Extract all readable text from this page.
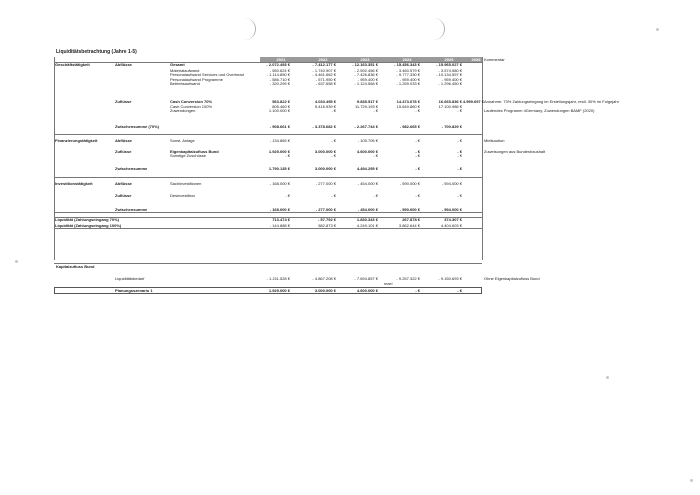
Liquiditätsbetrachtung (Jahre 1-5)
2021	2022	2023	2024	2025	2026 Kommentar
Geschäftstätigkeit	Abflüsse	Gesamt	- 2.072.493 €	- 7.412.177 €	- 12.163.351 €	- 15.456.343 €	- 15.965.027 €
Materialaufwand	- 550.624 €	- 1.740.907 €	- 2.592.456 €	- 3.460.579 €	- 3.574.580 €
Personalaufwand Services und Overhead	- 1.114.850 €	- 4.461.662 €	- 7.426.836 €	- 9.777.330 €	- 10.134.597 €
Personalaufwand Programme	- 586.710 €	- 571.950 €	- 959.400 €	- 959.400 €	- 959.400 €
Betriebsaufwand	- 320.299 €	- 637.658 €	- 1.124.568 €	- 1.259.033 €	- 1.296.450 €
Zuflüsse	Cash Conversion 70%	563.822 €	4.033.495 €	9.835.517 €	14.473.678 €	16.665.836 € 4.999.697 € Annahme: 70% Zahlungseingang im Erstellungsjahr, restl. 30% im Folgejahr
Cash Conversion 100%	805.460 €	5.416.939 €	11.729.193 €	15.649.860 €	17.100.986 €
Zuwendungen	1.100.000 €	- €	- €	- €	- €	Laufendes Programm 4Germany, Zuwendungen BAMF (2020)
Zwischensumme (70%)	- 908.661 €	- 3.378.682 €	- 2.267.744 €	- 982.665 €	- 700.829 €
Finanzierungstätigkeit	Abflüsse	Sonst. Anlage	- 134.865 €	- €	- 105.705 €	- €	- €	Mietkaution
Zuflüsse	Eigenkapitalzufluss Bund	1.925.000 €	3.000.000 €	4.600.000 €	- €	- €	Zuweisungen aus Bundeshaushalt
Sonstige Zuschüsse	- €	- €	- €	- €	- €
Zwischensumme	1.790.135 €	3.000.000 €	4.494.295 €	- €	- €
Investitionstätigkeit	Abflüsse	Sachinvestitionen	- 168.000 €	- 277.000 €	- 454.000 €	- 590.000 €	- 594.000 €
Zuflüsse	Desinvestition	- €	- €	- €	- €	- €
Zwischensumme	- 168.000 €	- 277.000 €	- 454.000 €	- 590.000 €	- 594.000 €
Liquidität (Zahlungseingang 70%)	713.474 €	- 57.792 €	1.830.343 €	267.878 €	374.307 €
Liquidität (Zahlungseingang 100%)	- 144.888 €	582.873 €	4.249.101 €	3.862.644 €	4.404.603 €
Kapitalzufluss Bund
Liquiditätsbedarf	- 1.211.528 €	- 4.867.208 €	- 7.694.857 €	- 9.257.322 €	- 9.150.693 €
max!
Ohne Eigenkapitalzufluss Bund
Planungsszenario 1	1.925.000 €	3.000.000 €	4.600.000 €	- €	- €
